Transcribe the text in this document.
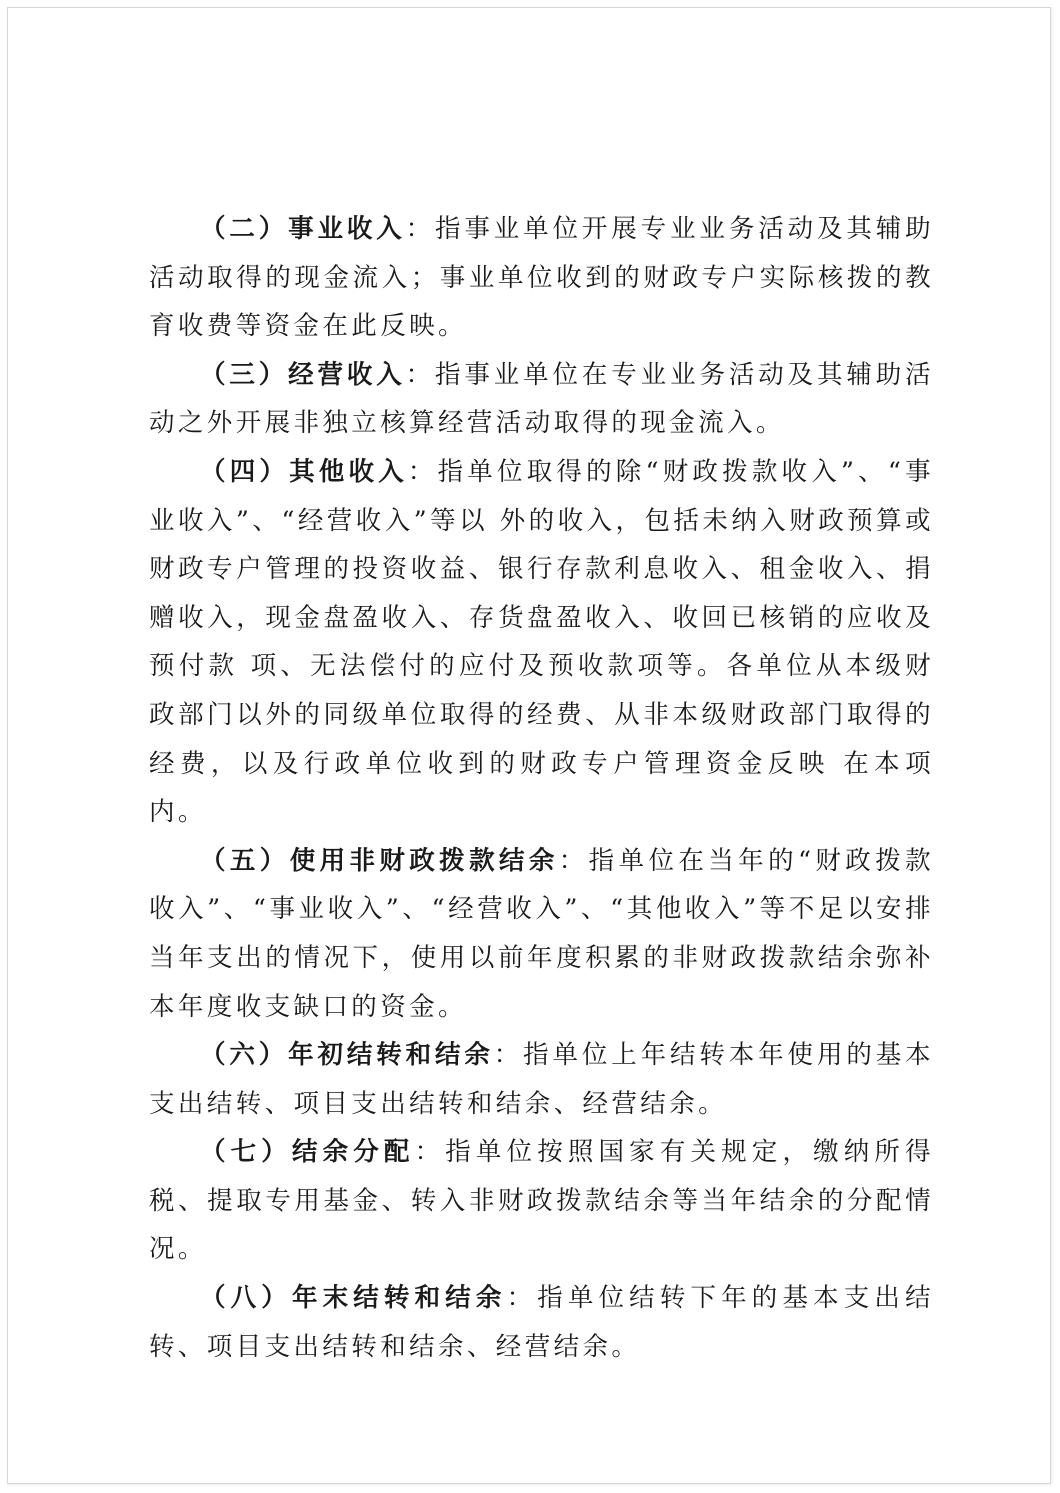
（二）事业收入：指事业单位开展专业业务活动及其辅助活动取得的现金流入；事业单位收到的财政专户实际核拨的教育收费等资金在此反映。

（三）经营收入：指事业单位在专业业务活动及其辅助活动之外开展非独立核算经营活动取得的现金流入。

（四）其他收入：指单位取得的除“财政拨款收入”、“事业收入”、“经营收入”等以 外的收入，包括未纳入财政预算或财政专户管理的投资收益、银行存款利息收入、租金收入、捐赠收入，现金盘盈收入、存货盘盈收入、收回已核销的应收及预付款 项、无法偿付的应付及预收款项等。各单位从本级财政部门以外的同级单位取得的经费、从非本级财政部门取得的经费，以及行政单位收到的财政专户管理资金反映 在本项内。

（五）使用非财政拨款结余：指单位在当年的“财政拨款收入”、“事业收入”、“经营收入”、“其他收入”等不足以安排当年支出的情况下，使用以前年度积累的非财政拨款结余弥补本年度收支缺口的资金。

（六）年初结转和结余：指单位上年结转本年使用的基本支出结转、项目支出结转和结余、经营结余。

（七）结余分配：指单位按照国家有关规定，缴纳所得税、提取专用基金、转入非财政拨款结余等当年结余的分配情况。

（八）年末结转和结余：指单位结转下年的基本支出结转、项目支出结转和结余、经营结余。
